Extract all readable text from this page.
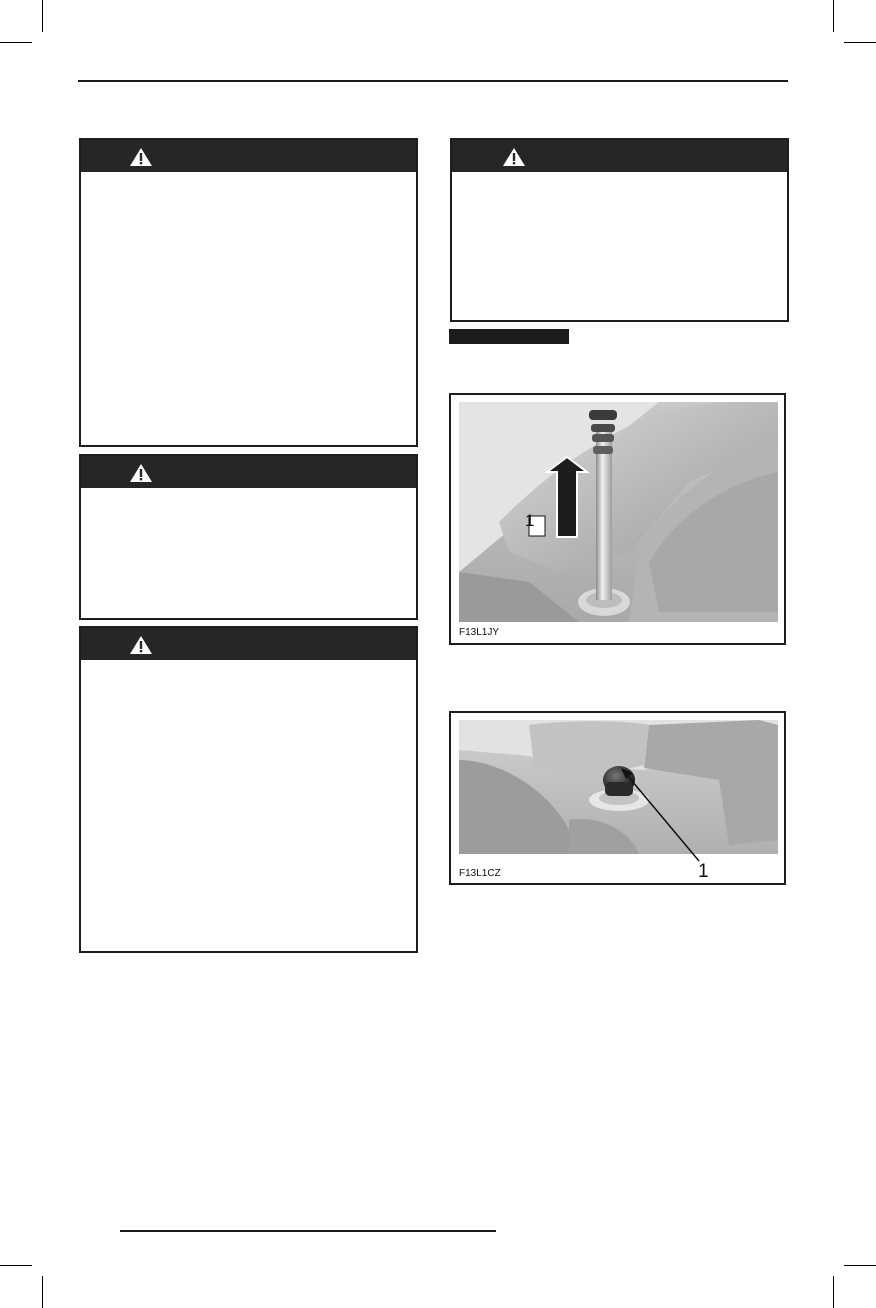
1
F13L1JY
1
F13L1CZ
